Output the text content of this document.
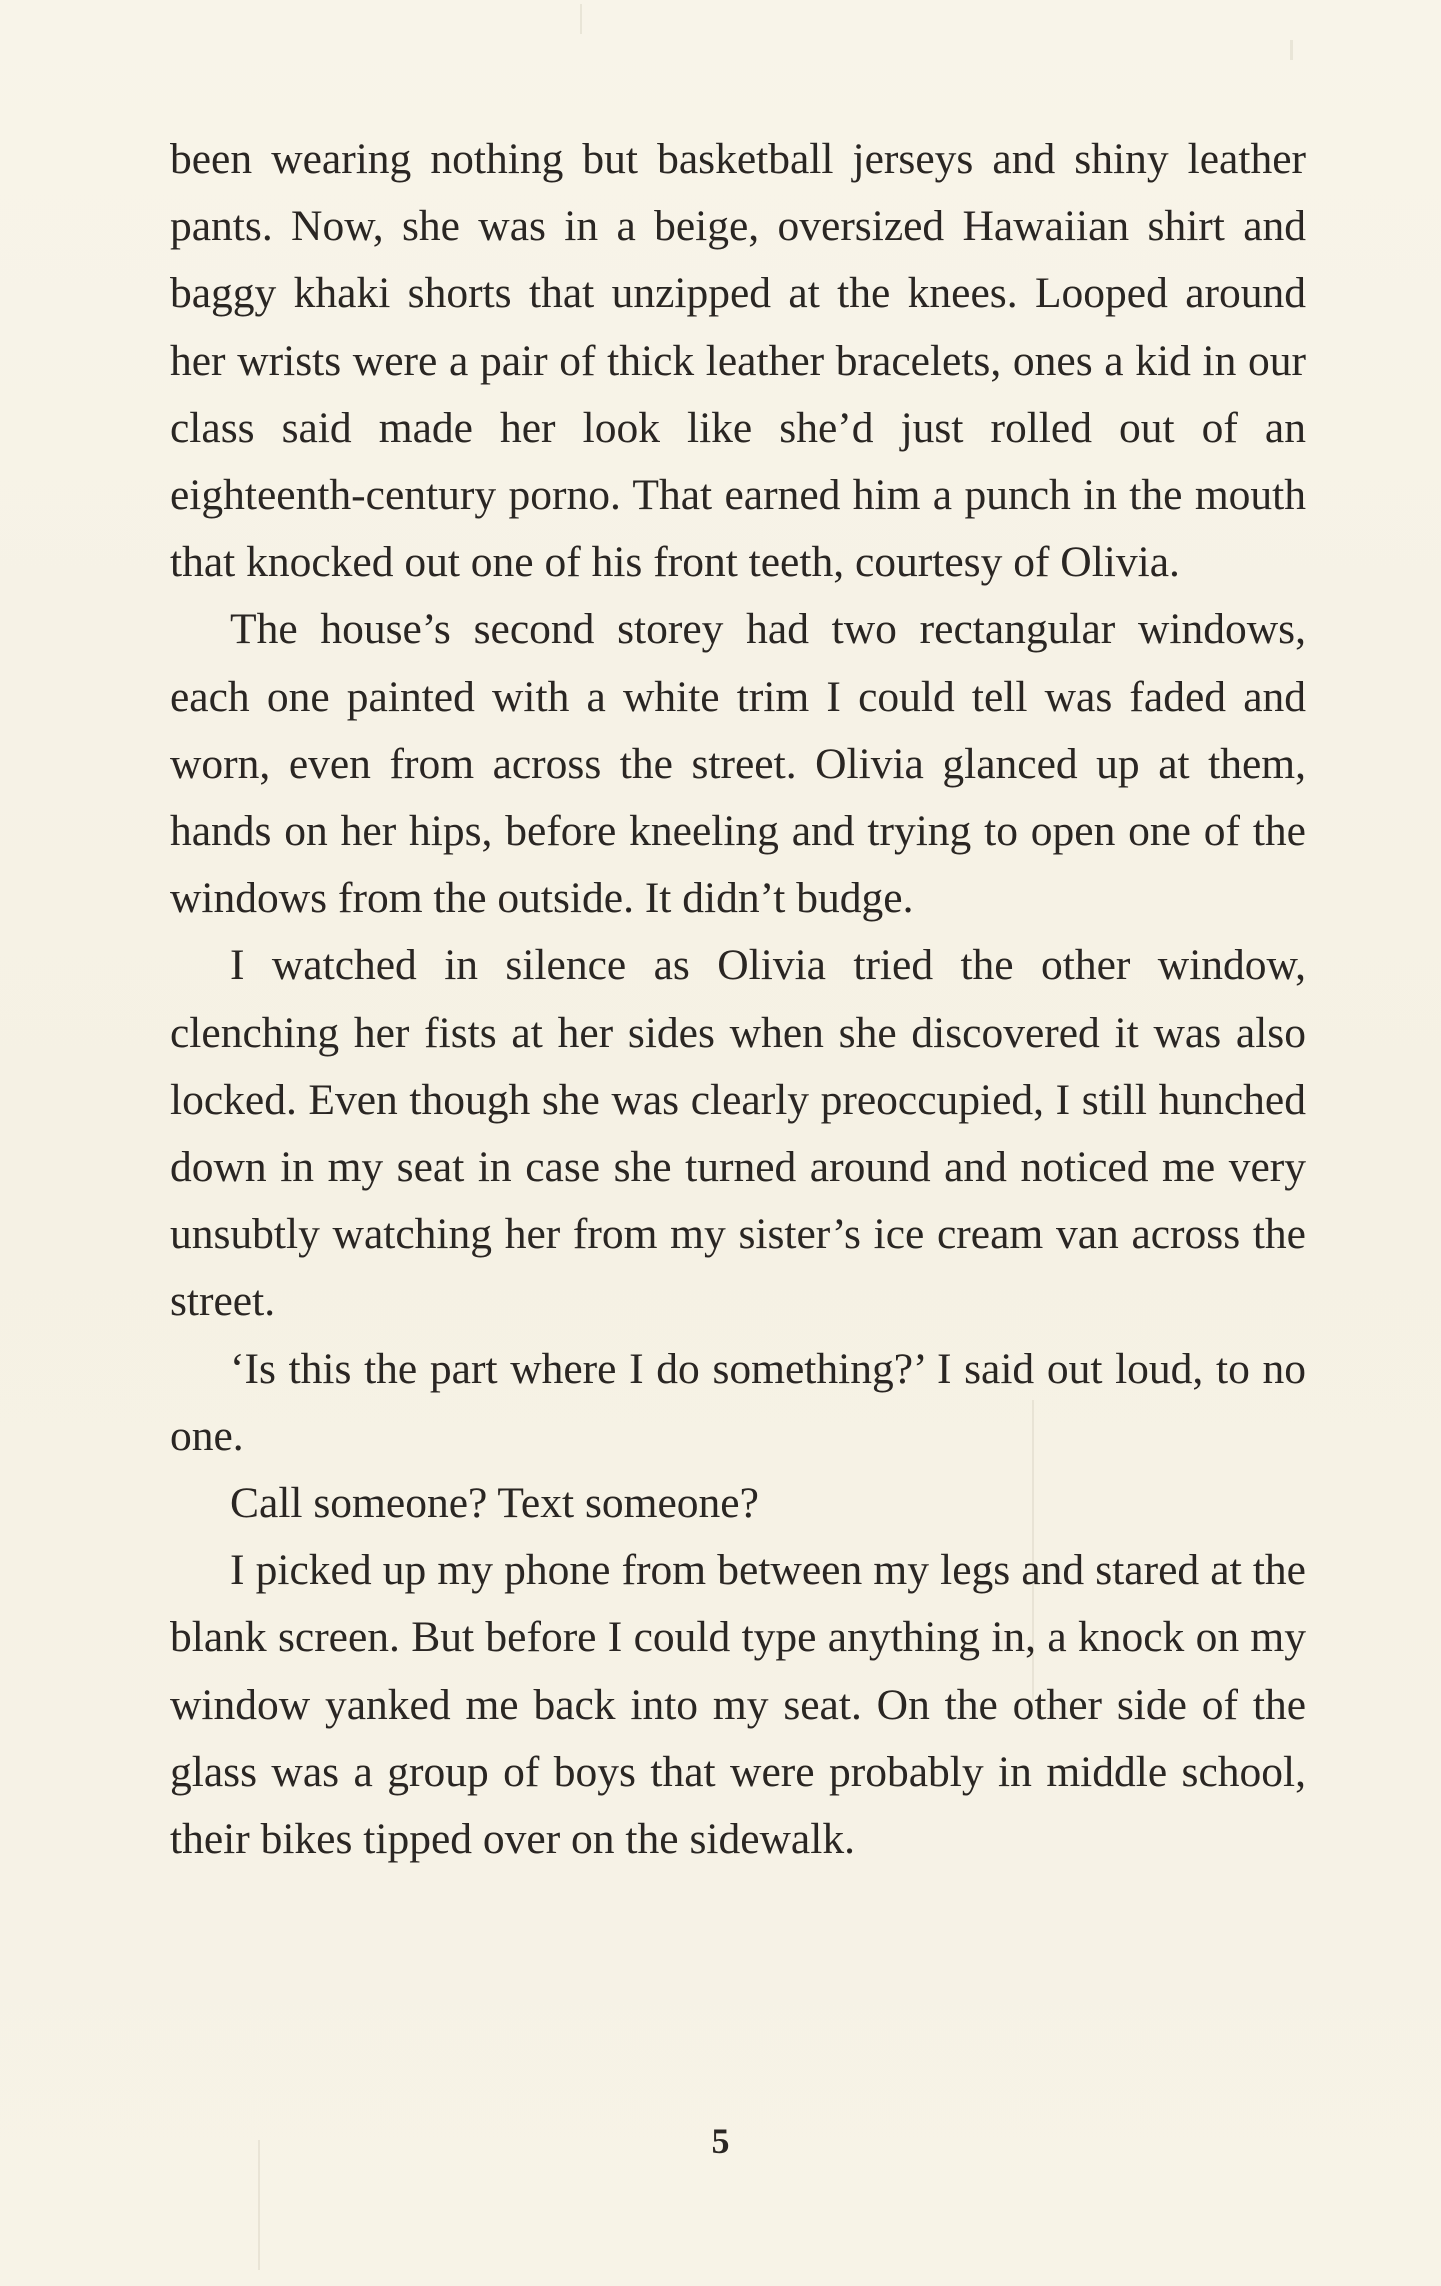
been wearing nothing but basketball jerseys and shiny leather pants. Now, she was in a beige, oversized Hawaiian shirt and baggy khaki shorts that unzipped at the knees. Looped around her wrists were a pair of thick leather bracelets, ones a kid in our class said made her look like she’d just rolled out of an eighteenth-century porno. That earned him a punch in the mouth that knocked out one of his front teeth, courtesy of Olivia.

The house’s second storey had two rectangular windows, each one painted with a white trim I could tell was faded and worn, even from across the street. Olivia glanced up at them, hands on her hips, before kneeling and trying to open one of the windows from the outside. It didn’t budge.

I watched in silence as Olivia tried the other window, clenching her fists at her sides when she discovered it was also locked. Even though she was clearly preoccupied, I still hunched down in my seat in case she turned around and noticed me very unsubtly watching her from my sister’s ice cream van across the street.

‘Is this the part where I do something?’ I said out loud, to no one.

Call someone? Text someone?

I picked up my phone from between my legs and stared at the blank screen. But before I could type anything in, a knock on my window yanked me back into my seat. On the other side of the glass was a group of boys that were probably in middle school, their bikes tipped over on the sidewalk.

5
